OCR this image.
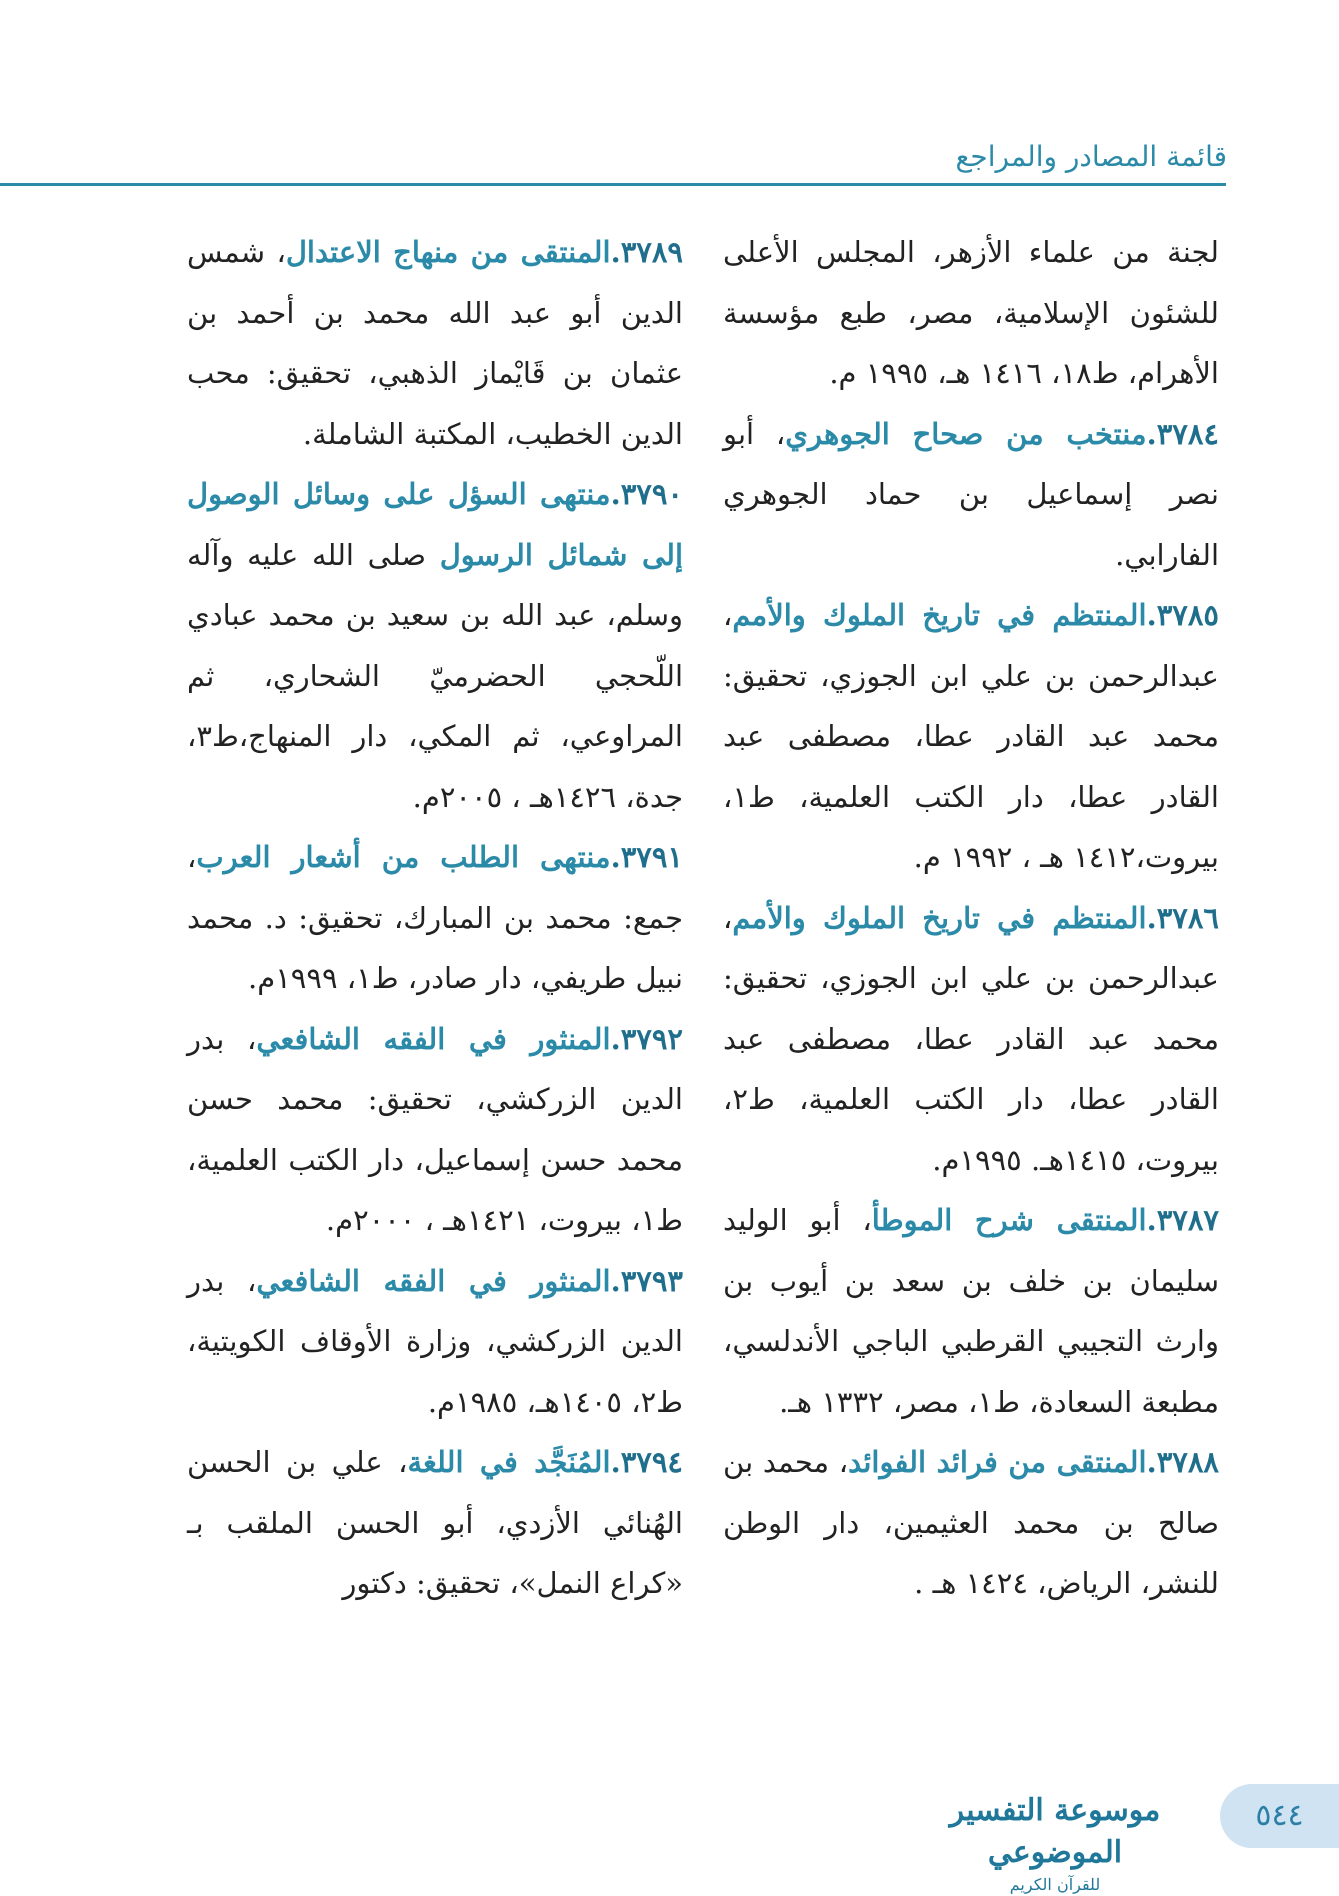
قائمة المصادر والمراجع

لجنة من علماء الأزهر، المجلس الأعلى للشئون الإسلامية، مصر، طبع مؤسسة الأهرام، ط١٨، ١٤١٦ هـ، ١٩٩٥ م.

٣٧٨٤.منتخب من صحاح الجوهري، أبو نصر إسماعيل بن حماد الجوهري الفارابي.

٣٧٨٥.المنتظم في تاريخ الملوك والأمم، عبدالرحمن بن علي ابن الجوزي، تحقيق: محمد عبد القادر عطا، مصطفى عبد القادر عطا، دار الكتب العلمية، ط١، بيروت،١٤١٢ هـ ، ١٩٩٢ م.

٣٧٨٦.المنتظم في تاريخ الملوك والأمم، عبدالرحمن بن علي ابن الجوزي، تحقيق: محمد عبد القادر عطا، مصطفى عبد القادر عطا، دار الكتب العلمية، ط٢، بيروت، ١٤١٥هـ. ١٩٩٥م.

٣٧٨٧.المنتقى شرح الموطأ، أبو الوليد سليمان بن خلف بن سعد بن أيوب بن وارث التجيبي القرطبي الباجي الأندلسي، مطبعة السعادة، ط١، مصر، ١٣٣٢ هـ.

٣٧٨٨.المنتقى من فرائد الفوائد، محمد بن صالح بن محمد العثيمين، دار الوطن للنشر، الرياض، ١٤٢٤ هـ .

٣٧٨٩.المنتقى من منهاج الاعتدال، شمس الدين أبو عبد الله محمد بن أحمد بن عثمان بن قَايْماز الذهبي، تحقيق: محب الدين الخطيب، المكتبة الشاملة.

٣٧٩٠.منتهى السؤل على وسائل الوصول إلى شمائل الرسول صلى الله عليه وآله وسلم، عبد الله بن سعيد بن محمد عبادي اللّحجي الحضرميّ الشحاري، ثم المراوعي، ثم المكي، دار المنهاج،ط٣، جدة، ١٤٢٦هـ ، ٢٠٠٥م.

٣٧٩١.منتهى الطلب من أشعار العرب، جمع: محمد بن المبارك، تحقيق: د. محمد نبيل طريفي، دار صادر، ط١، ١٩٩٩م.

٣٧٩٢.المنثور في الفقه الشافعي، بدر الدين الزركشي، تحقيق: محمد حسن محمد حسن إسماعيل، دار الكتب العلمية، ط١، بيروت، ١٤٢١هـ ، ٢٠٠٠م.

٣٧٩٣.المنثور في الفقه الشافعي، بدر الدين الزركشي، وزارة الأوقاف الكويتية، ط٢، ١٤٠٥هـ، ١٩٨٥م.

٣٧٩٤.المُنَجَّد في اللغة، علي بن الحسن الهُنائي الأزدي، أبو الحسن الملقب بـ «كراع النمل»، تحقيق: دكتور

موسوعة التفسير الموضوعي
للقرآن الكريم
٥٤٤
